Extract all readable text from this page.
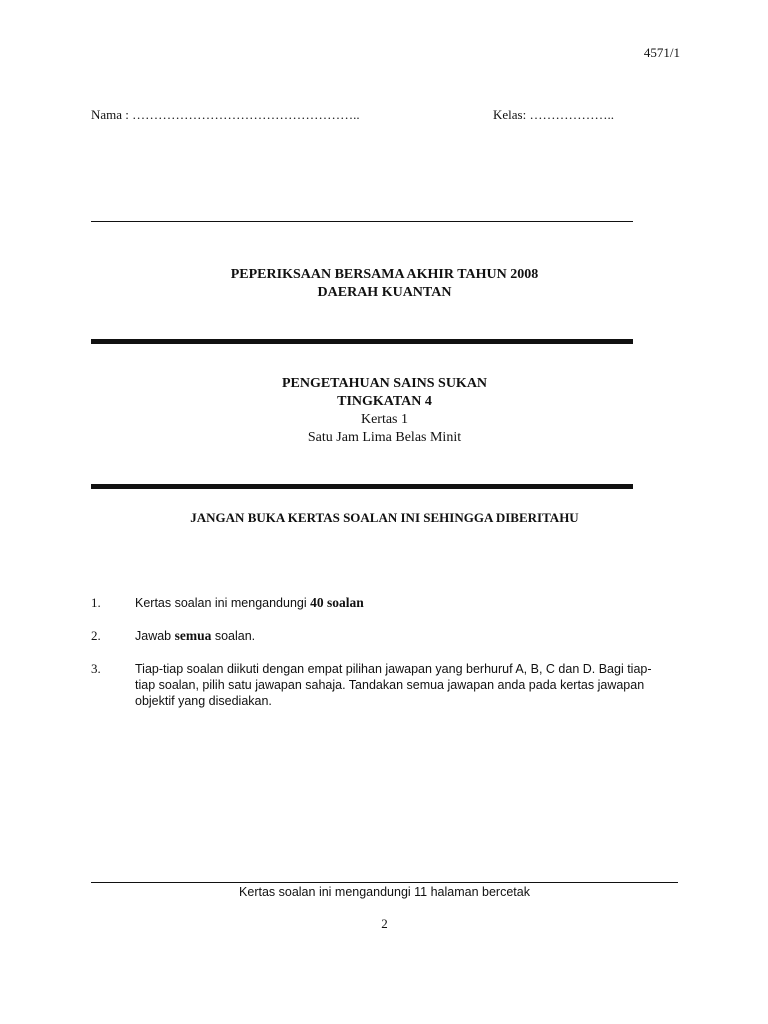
4571/1
Nama : ……………………………………………..	Kelas: ………………..
PEPERIKSAAN BERSAMA AKHIR TAHUN 2008
DAERAH KUANTAN
PENGETAHUAN SAINS SUKAN
TINGKATAN 4
Kertas 1
Satu Jam Lima Belas Minit
JANGAN BUKA KERTAS SOALAN INI SEHINGGA DIBERITAHU
1.	Kertas soalan ini mengandungi 40 soalan
2.	Jawab semua soalan.
3.	Tiap-tiap soalan diikuti dengan empat pilihan jawapan yang berhuruf A, B, C dan D. Bagi tiap-tiap soalan, pilih satu jawapan sahaja. Tandakan semua jawapan anda pada kertas jawapan objektif yang disediakan.
Kertas soalan ini mengandungi 11 halaman bercetak
2
